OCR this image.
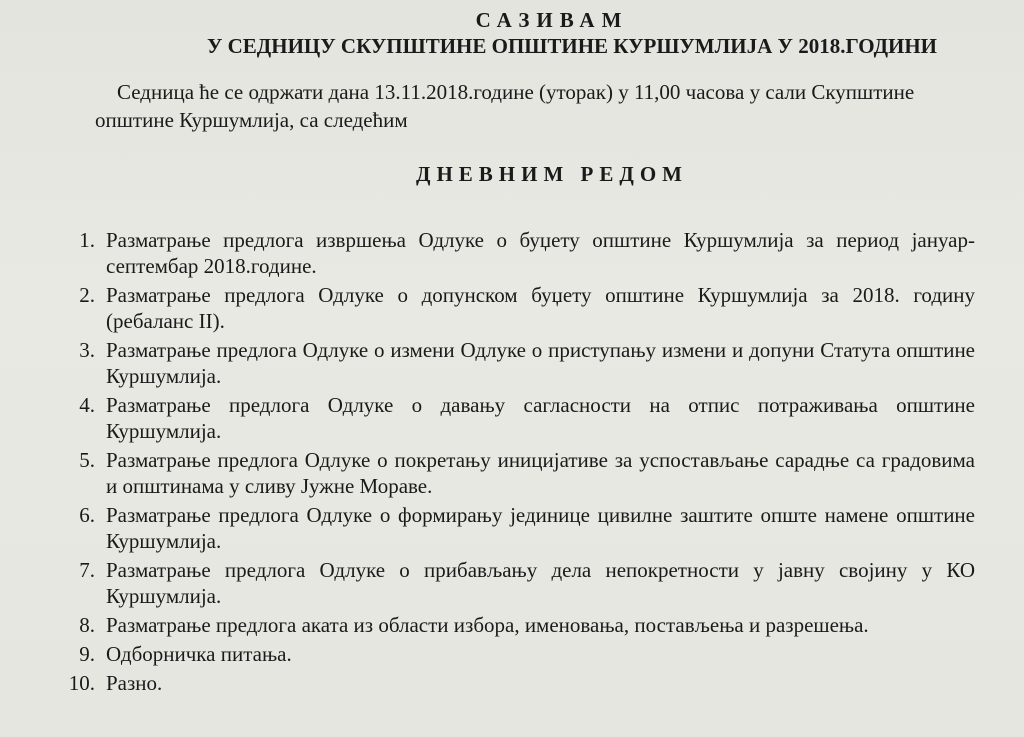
САЗИВАМ
У СЕДНИЦУ СКУПШТИНЕ ОПШТИНЕ КУРШУМЛИЈА У 2018.ГОДИНИ

Седница ће се одржати дана 13.11.2018.године (уторак) у 11,00 часова у сали Скупштине општине Куршумлија, са следећим

ДНЕВНИМ РЕДОМ
1. Разматрање предлога извршења Одлуке о буџету општине Куршумлија за период јануар-септембар 2018.године.
2. Разматрање предлога Одлуке о допунском буџету општине Куршумлија за 2018. годину (ребаланс II).
3. Разматрање предлога Одлуке о измени Одлуке о приступању измени и допуни Статута општине Куршумлија.
4. Разматрање предлога Одлуке о давању сагласности на отпис потраживања општине Куршумлија.
5. Разматрање предлога Одлуке о покретању иницијативе за успостављање сарадње са градовима и општинама у сливу Јужне Мораве.
6. Разматрање предлога Одлуке о формирању јединице цивилне заштите опште намене општине Куршумлија.
7. Разматрање предлога Одлуке о прибављању дела непокретности у јавну својину у КО Куршумлија.
8. Разматрање предлога аката из области избора, именовања, постављења и разрешења.
9. Одборничка питања.
10. Разно.
